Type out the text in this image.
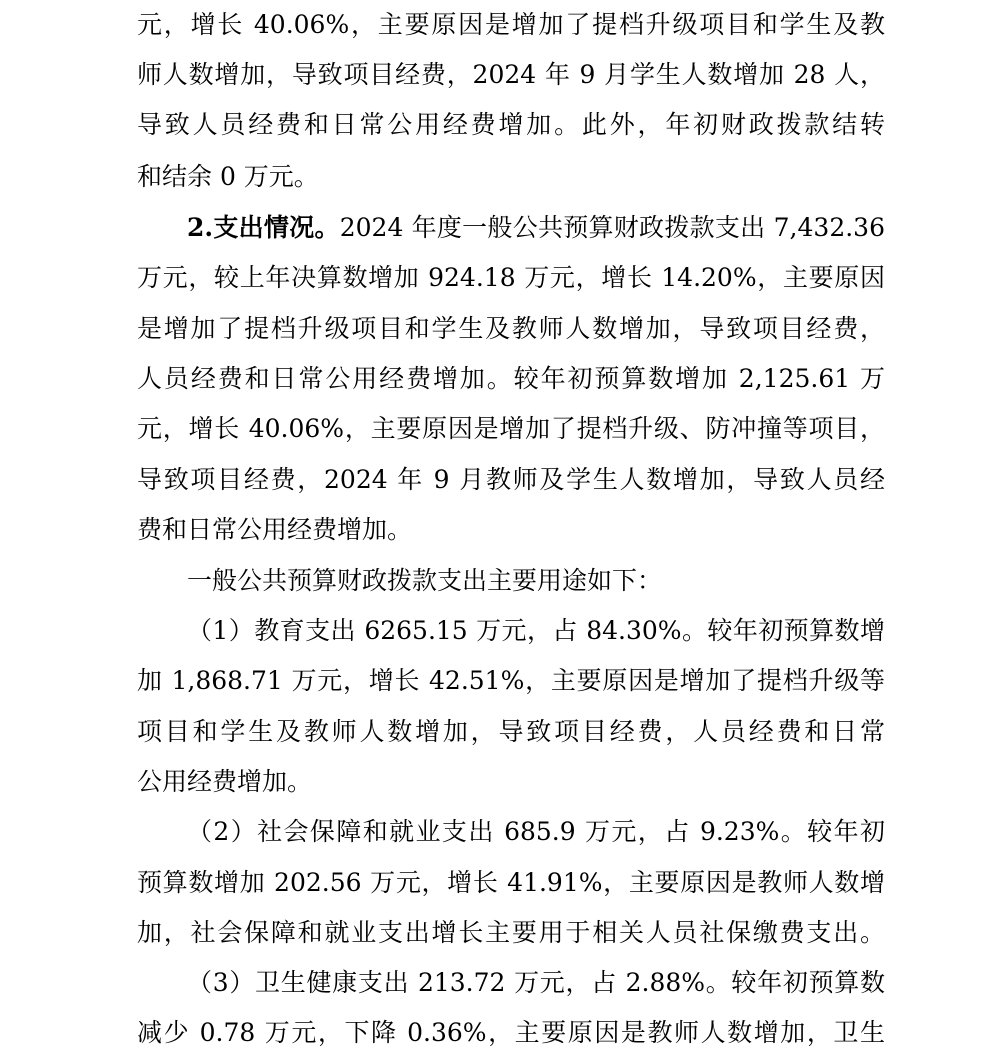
元，增长 40.06%，主要原因是增加了提档升级项目和学生及教
师人数增加，导致项目经费，2024 年 9 月学生人数增加 28 人，
导致人员经费和日常公用经费增加。此外，年初财政拨款结转
和结余 0 万元。
2.支出情况。2024 年度一般公共预算财政拨款支出 7,432.36
万元，较上年决算数增加 924.18 万元，增长 14.20%，主要原因
是增加了提档升级项目和学生及教师人数增加，导致项目经费，
人员经费和日常公用经费增加。较年初预算数增加 2,125.61 万
元，增长 40.06%，主要原因是增加了提档升级、防冲撞等项目，
导致项目经费，2024 年 9 月教师及学生人数增加，导致人员经
费和日常公用经费增加。
一般公共预算财政拨款支出主要用途如下：
（1）教育支出 6265.15 万元，占 84.30%。较年初预算数增
加 1,868.71 万元，增长 42.51%，主要原因是增加了提档升级等
项目和学生及教师人数增加，导致项目经费，人员经费和日常
公用经费增加。
（2）社会保障和就业支出 685.9 万元，占 9.23%。较年初
预算数增加 202.56 万元，增长 41.91%，主要原因是教师人数增
加，社会保障和就业支出增长主要用于相关人员社保缴费支出。
（3）卫生健康支出 213.72 万元，占 2.88%。较年初预算数
减少 0.78 万元，下降 0.36%，主要原因是教师人数增加，卫生
